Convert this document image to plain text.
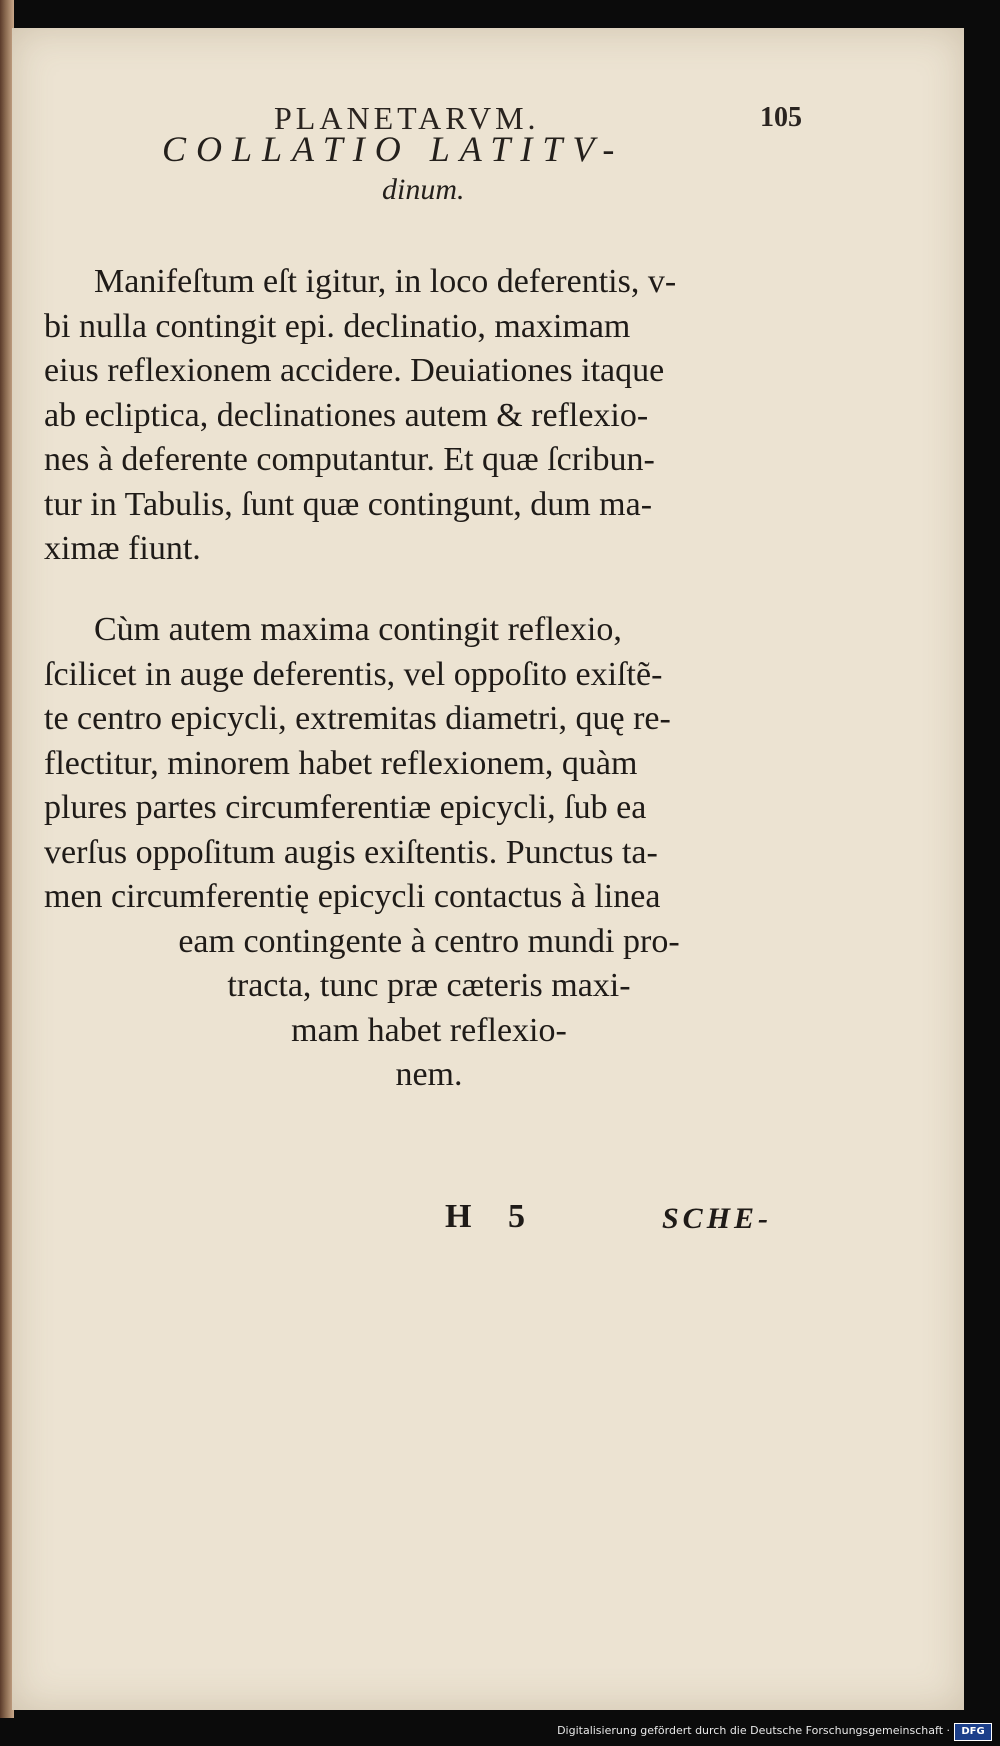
PLANETARVM.	105
COLLATIO LATITV-
dinum.
Manifeſtum eſt igitur, in loco deferentis, v-
bi nulla contingit epi. declinatio, maximam
eius reflexionem accidere. Deuiationes itaque
ab ecliptica, declinationes autem & reflexio-
nes à deferente computantur. Et quæ ſcribun-
tur in Tabulis, ſunt quæ contingunt, dum ma-
ximæ fiunt.
Cùm autem maxima contingit reflexio,
ſcilicet in auge deferentis, vel oppoſito exiſtẽ-
te centro epicycli, extremitas diametri, quę re-
flectitur, minorem habet reflexionem, quàm
plures partes circumferentiæ epicycli, ſub ea
verſus oppoſitum augis exiſtentis. Punctus ta-
men circumferentię epicycli contactus à linea
eam contingente à centro mundi pro-
tracta, tunc præ cæteris maxi-
mam habet reflexio-
nem.
H 5	SCHE-
Digitalisierung gefördert durch die Deutsche Forschungsgemeinschaft ·	DFG
